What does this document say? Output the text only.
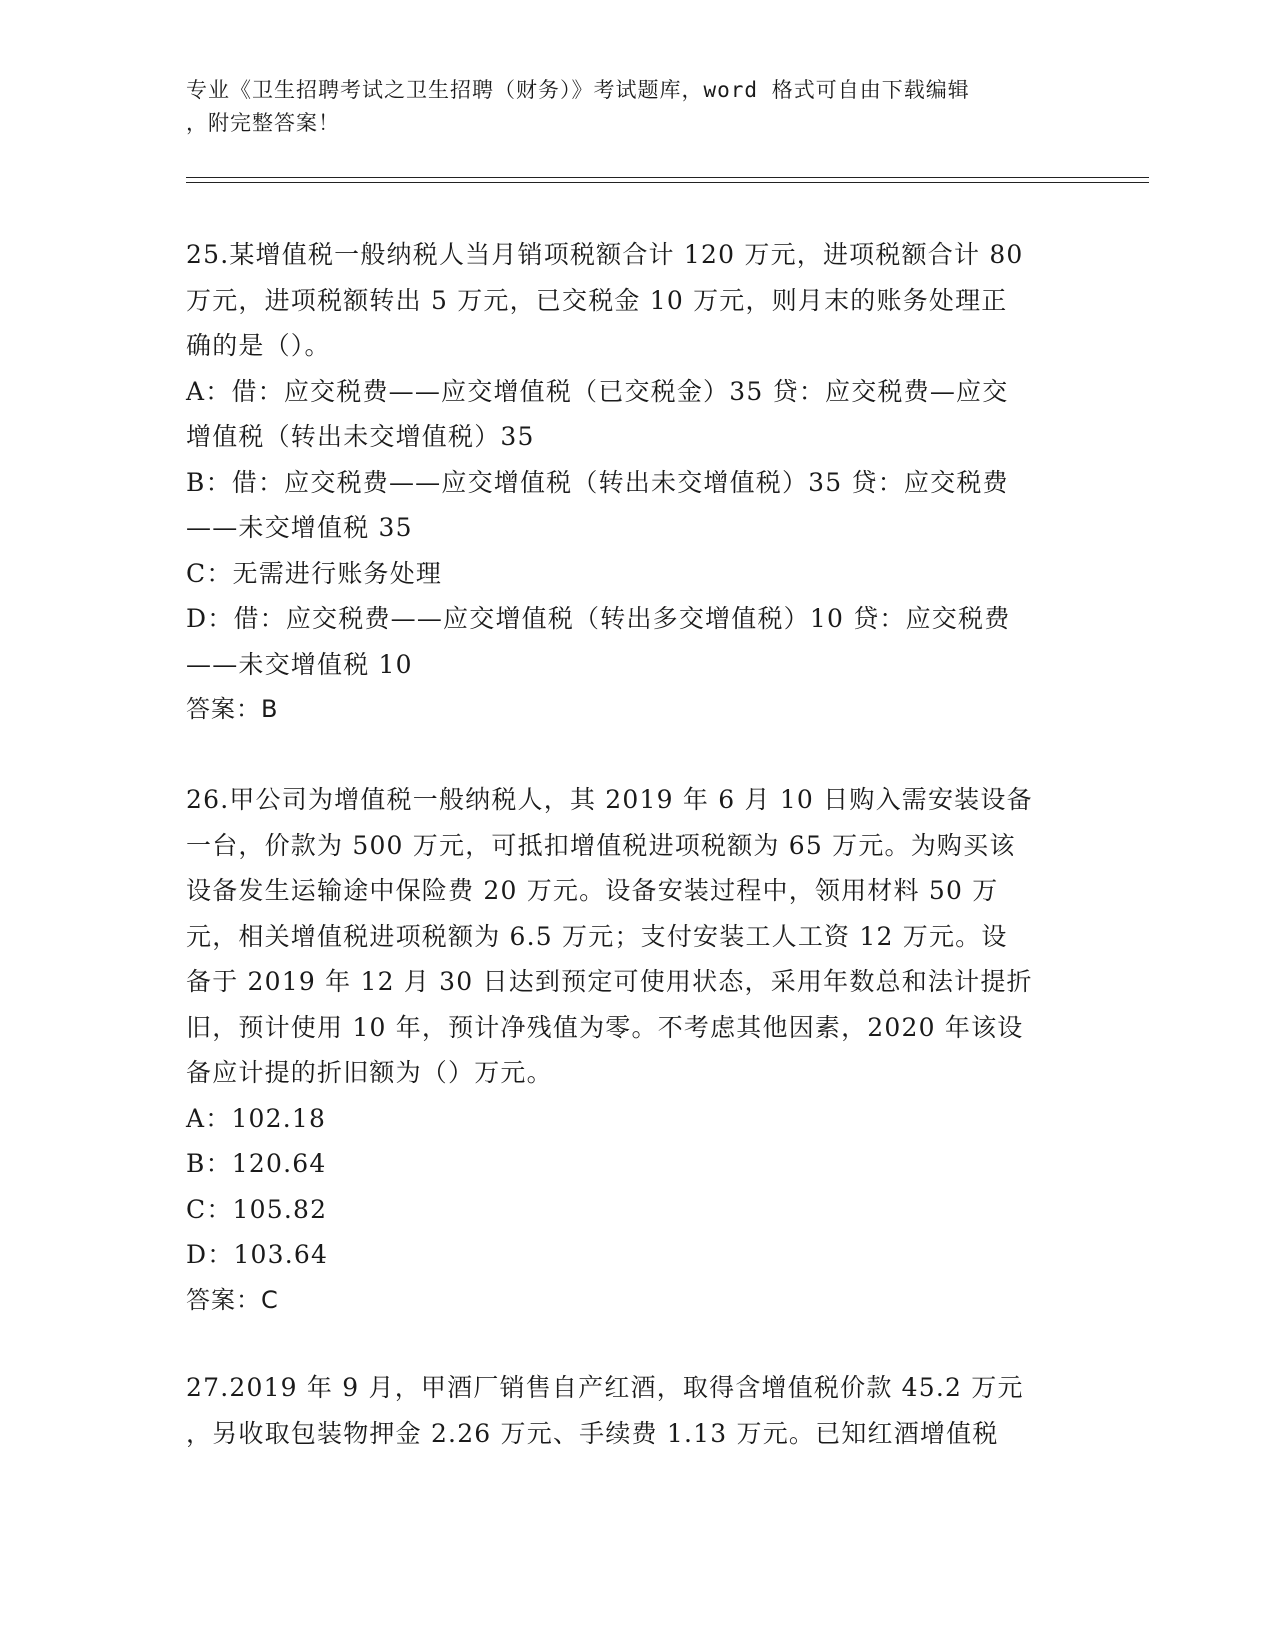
专业《卫生招聘考试之卫生招聘（财务）》考试题库，word 格式可自由下载编辑
，附完整答案！
25.某增值税一般纳税人当月销项税额合计 120 万元，进项税额合计 80
万元，进项税额转出 5 万元，已交税金 10 万元，则月末的账务处理正
确的是（）。
A：借：应交税费——应交增值税（已交税金）35 贷：应交税费—应交
增值税（转出未交增值税）35
B：借：应交税费——应交增值税（转出未交增值税）35 贷：应交税费
——未交增值税 35
C：无需进行账务处理
D：借：应交税费——应交增值税（转出多交增值税）10 贷：应交税费
——未交增值税 10
答案：B
26.甲公司为增值税一般纳税人，其 2019 年 6 月 10 日购入需安装设备
一台，价款为 500 万元，可抵扣增值税进项税额为 65 万元。为购买该
设备发生运输途中保险费 20 万元。设备安装过程中，领用材料 50 万
元，相关增值税进项税额为 6.5 万元；支付安装工人工资 12 万元。设
备于 2019 年 12 月 30 日达到预定可使用状态，采用年数总和法计提折
旧，预计使用 10 年，预计净残值为零。不考虑其他因素，2020 年该设
备应计提的折旧额为（）万元。
A：102.18
B：120.64
C：105.82
D：103.64
答案：C
27.2019 年 9 月，甲酒厂销售自产红酒，取得含增值税价款 45.2 万元
，另收取包装物押金 2.26 万元、手续费 1.13 万元。已知红酒增值税
